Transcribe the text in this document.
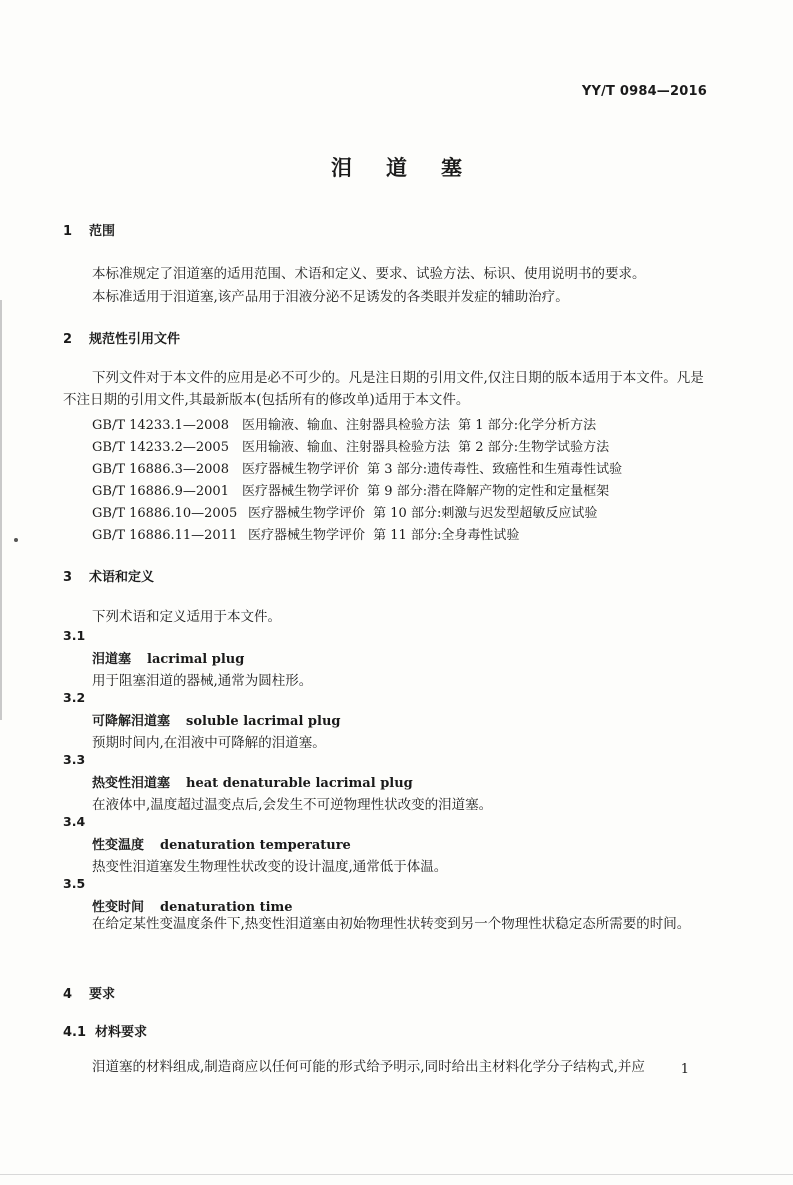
YY/T 0984—2016
泪道塞
1 范围
本标准规定了泪道塞的适用范围、术语和定义、要求、试验方法、标识、使用说明书的要求。
本标准适用于泪道塞,该产品用于泪液分泌不足诱发的各类眼并发症的辅助治疗。
2 规范性引用文件
下列文件对于本文件的应用是必不可少的。凡是注日期的引用文件,仅注日期的版本适用于本文件。凡是不注日期的引用文件,其最新版本(包括所有的修改单)适用于本文件。
GB/T 14233.1—2008 医用输液、输血、注射器具检验方法 第 1 部分:化学分析方法
GB/T 14233.2—2005 医用输液、输血、注射器具检验方法 第 2 部分:生物学试验方法
GB/T 16886.3—2008 医疗器械生物学评价 第 3 部分:遗传毒性、致癌性和生殖毒性试验
GB/T 16886.9—2001 医疗器械生物学评价 第 9 部分:潜在降解产物的定性和定量框架
GB/T 16886.10—2005 医疗器械生物学评价 第 10 部分:刺激与迟发型超敏反应试验
GB/T 16886.11—2011 医疗器械生物学评价 第 11 部分:全身毒性试验
3 术语和定义
下列术语和定义适用于本文件。
3.1
泪道塞 lacrimal plug
用于阻塞泪道的器械,通常为圆柱形。
3.2
可降解泪道塞 soluble lacrimal plug
预期时间内,在泪液中可降解的泪道塞。
3.3
热变性泪道塞 heat denaturable lacrimal plug
在液体中,温度超过温变点后,会发生不可逆物理性状改变的泪道塞。
3.4
性变温度 denaturation temperature
热变性泪道塞发生物理性状改变的设计温度,通常低于体温。
3.5
性变时间 denaturation time
在给定某性变温度条件下,热变性泪道塞由初始物理性状转变到另一个物理性状稳定态所需要的时间。
4 要求
4.1 材料要求
泪道塞的材料组成,制造商应以任何可能的形式给予明示,同时给出主材料化学分子结构式,并应	1
